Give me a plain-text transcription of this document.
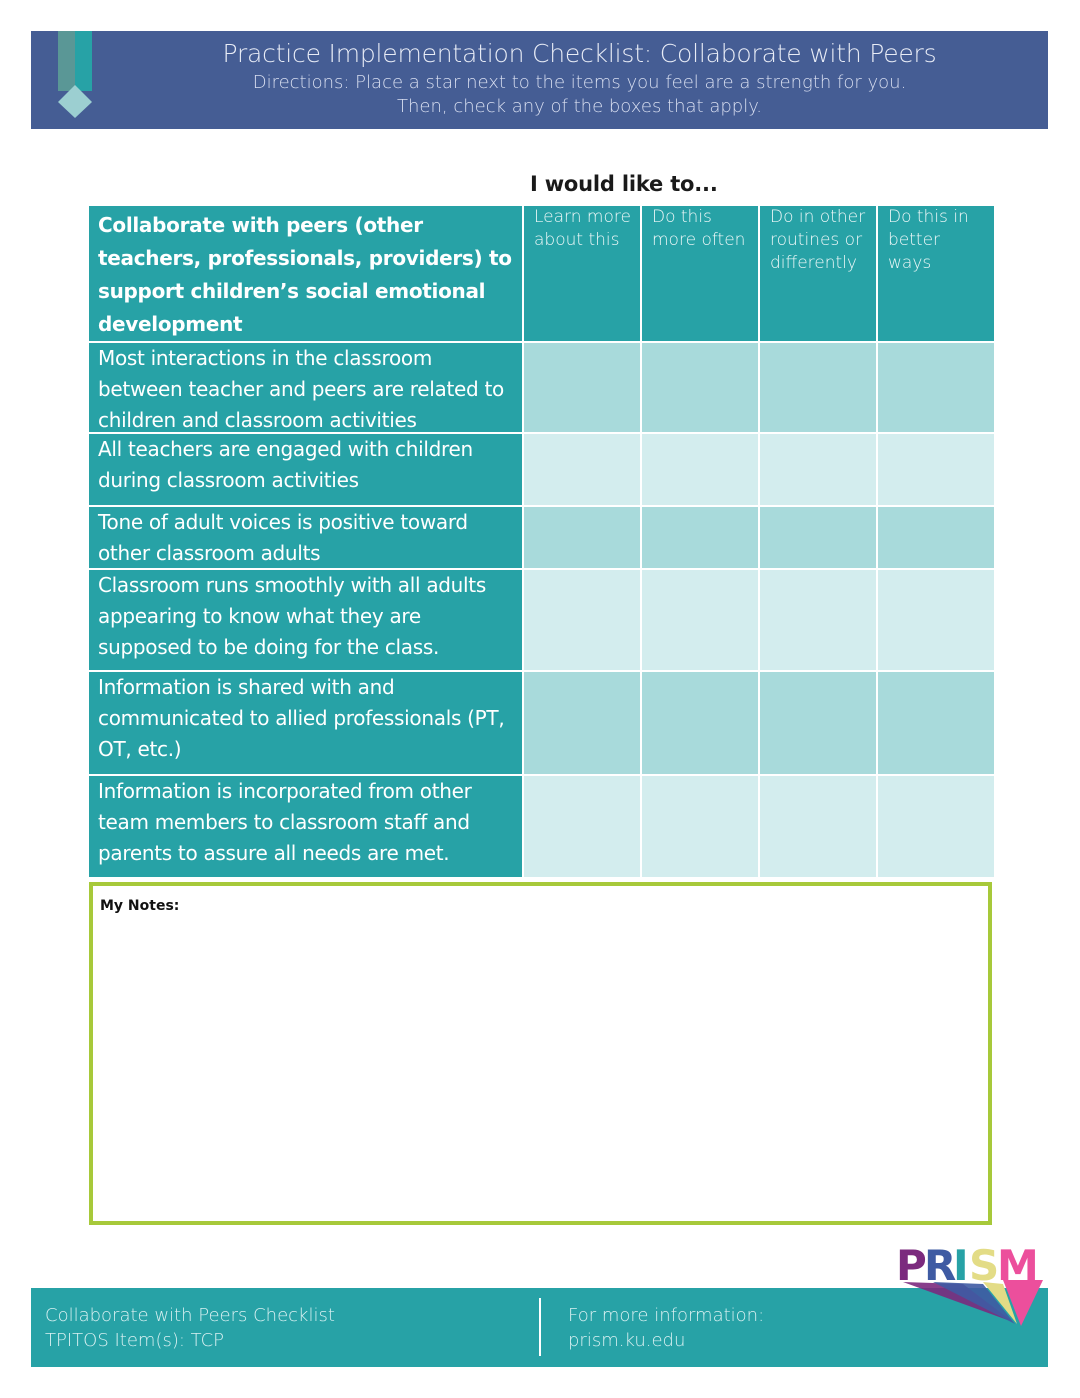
Practice Implementation Checklist: Collaborate with Peers
Directions: Place a star next to the items you feel are a strength for you.
Then, check any of the boxes that apply.
I would like to...
Collaborate with peers (other teachers, professionals, providers) to support children’s social emotional development
Learn more about this
Do this more often
Do in other routines or differently
Do this in better ways
Most interactions in the classroom between teacher and peers are related to children and classroom activities
All teachers are engaged with children during classroom activities
Tone of adult voices is positive toward other classroom adults
Classroom runs smoothly with all adults appearing to know what they are supposed to be doing for the class.
Information is shared with and communicated to allied professionals (PT, OT, etc.)
Information is incorporated from other team members to classroom staff and parents to assure all needs are met.
My Notes:
Collaborate with Peers Checklist
TPITOS Item(s): TCP
For more information:
prism.ku.edu
P
R
I S
M
